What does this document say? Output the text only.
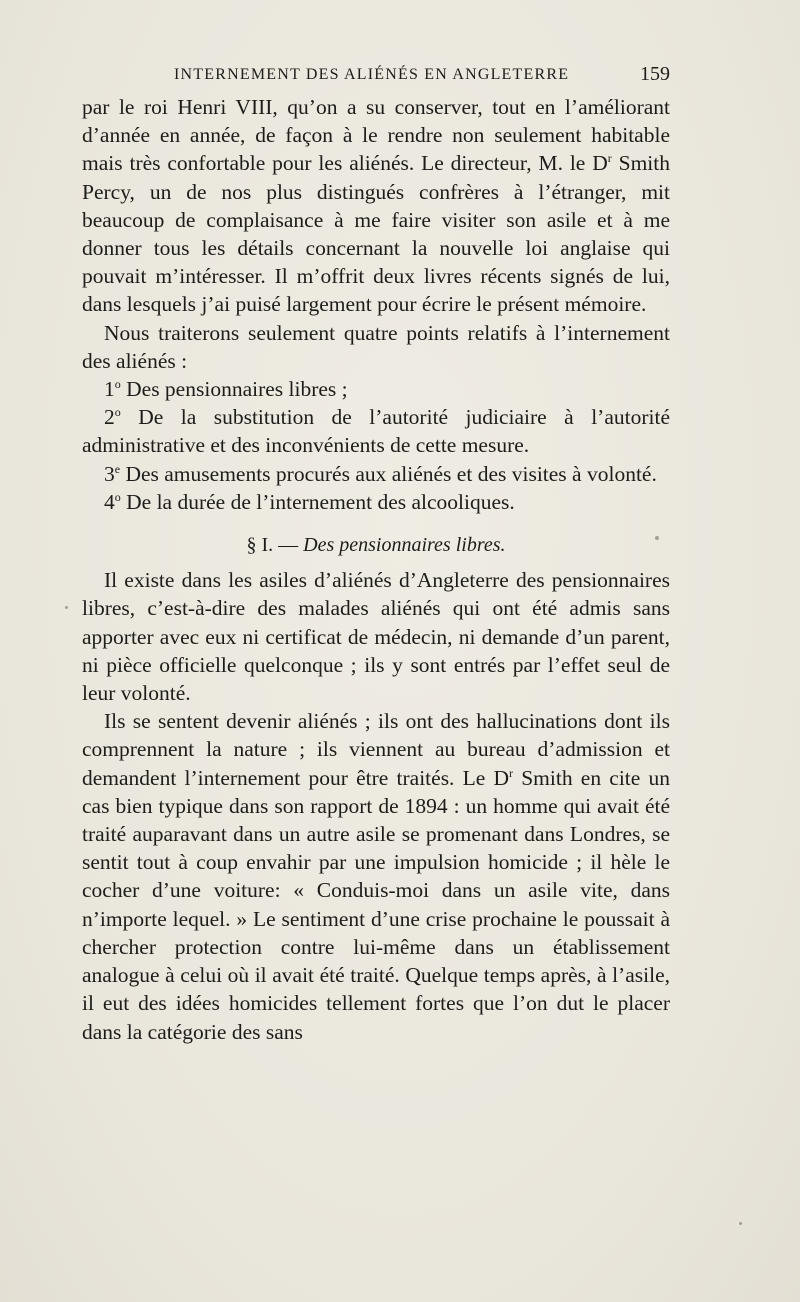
INTERNEMENT DES ALIÉNÉS EN ANGLETERRE	159

par le roi Henri VIII, qu’on a su conserver, tout en l’améliorant d’année en année, de façon à le rendre non seulement habitable mais très confortable pour les aliénés. Le directeur, M. le $D^r$ Smith Percy, un de nos plus distingués confrères à l’étranger, mit beaucoup de complaisance à me faire visiter son asile et à me donner tous les détails concernant la nouvelle loi anglaise qui pouvait m’intéresser. Il m’offrit deux livres récents signés de lui, dans lesquels j’ai puisé largement pour écrire le présent mémoire.

Nous traiterons seulement quatre points relatifs à l’internement des aliénés :

1$^o$ Des pensionnaires libres ;

2$^o$ De la substitution de l’autorité judiciaire à l’autorité administrative et des inconvénients de cette mesure.

3e Des amusements procurés aux aliénés et des visites à volonté.

4$^o$ De la durée de l’internement des alcooliques.

§ I. — Des pensionnaires libres.

Il existe dans les asiles d’aliénés d’Angleterre des pensionnaires libres, c’est-à-dire des malades aliénés qui ont été admis sans apporter avec eux ni certificat de médecin, ni demande d’un parent, ni pièce officielle quelconque ; ils y sont entrés par l’effet seul de leur volonté.

Ils se sentent devenir aliénés ; ils ont des hallucinations dont ils comprennent la nature ; ils viennent au bureau d’admission et demandent l’internement pour être traités. Le $D^r$ Smith en cite un cas bien typique dans son rapport de 1894 : un homme qui avait été traité auparavant dans un autre asile se promenant dans Londres, se sentit tout à coup envahir par une impulsion homicide ; il hèle le cocher d’une voiture: « Conduis-moi dans un asile vite, dans n’importe lequel. » Le sentiment d’une crise prochaine le poussait à chercher protection contre lui-même dans un établissement analogue à celui où il avait été traité. Quelque temps après, à l’asile, il eut des idées homicides tellement fortes que l’on dut le placer dans la catégorie des sans
